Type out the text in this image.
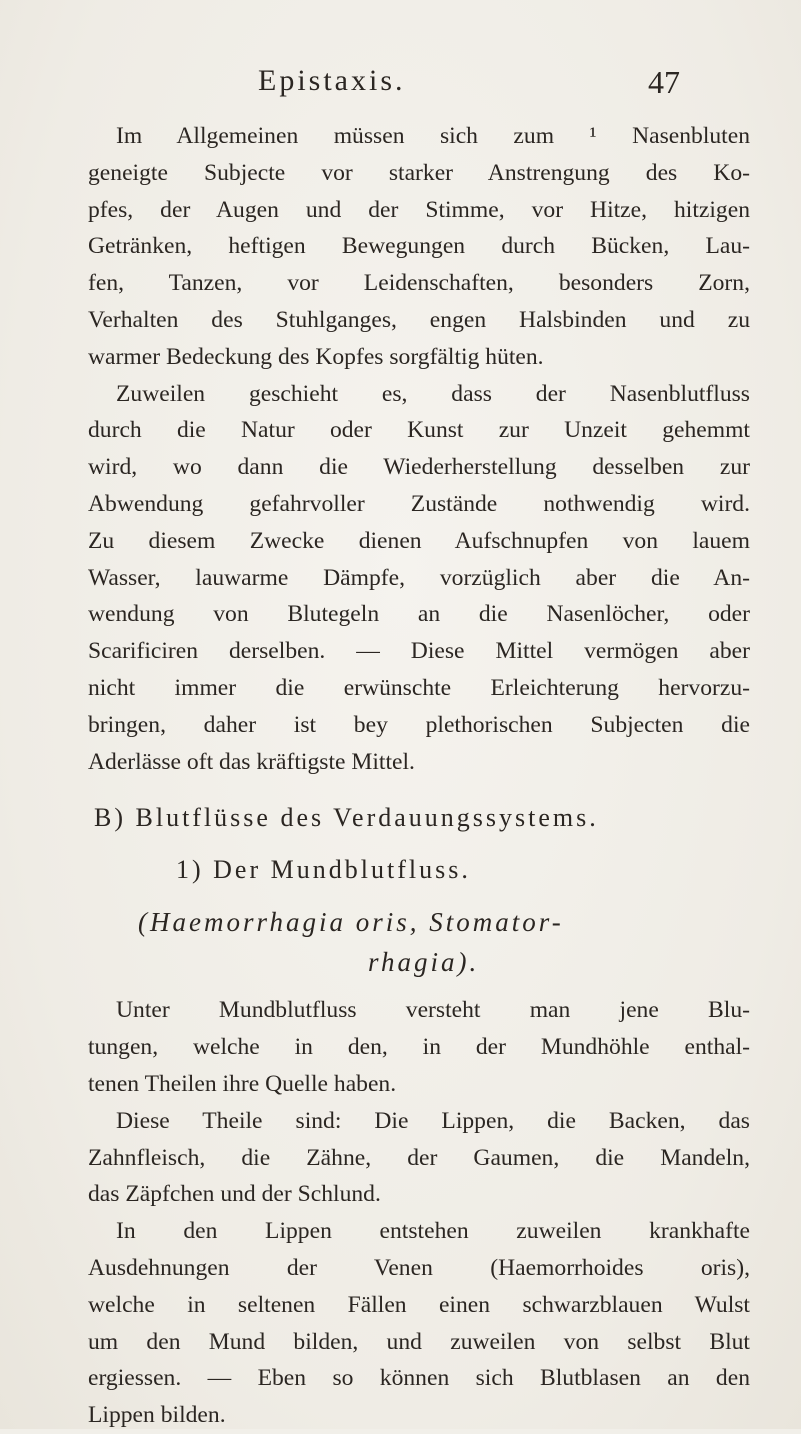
Epistaxis.	47
Im Allgemeinen müssen sich zum ¹ Nasenbluten
geneigte Subjecte vor starker Anstrengung des Ko-
pfes, der Augen und der Stimme, vor Hitze, hitzigen
Getränken, heftigen Bewegungen durch Bücken, Lau-
fen, Tanzen, vor Leidenschaften, besonders Zorn,
Verhalten des Stuhlganges, engen Halsbinden und zu
warmer Bedeckung des Kopfes sorgfältig hüten.
Zuweilen geschieht es, dass der Nasenblutfluss
durch die Natur oder Kunst zur Unzeit gehemmt
wird, wo dann die Wiederherstellung desselben zur
Abwendung gefahrvoller Zustände nothwendig wird.
Zu diesem Zwecke dienen Aufschnupfen von lauem
Wasser, lauwarme Dämpfe, vorzüglich aber die An-
wendung von Blutegeln an die Nasenlöcher, oder
Scarificiren derselben. — Diese Mittel vermögen aber
nicht immer die erwünschte Erleichterung hervorzu-
bringen, daher ist bey plethorischen Subjecten die
Aderlässe oft das kräftigste Mittel.
B) Blutflüsse des Verdauungssystems.
1) Der Mundblutfluss.
(Haemorrhagia oris, Stomator-
rhagia).
Unter Mundblutfluss versteht man jene Blu-
tungen, welche in den, in der Mundhöhle enthal-
tenen Theilen ihre Quelle haben.
Diese Theile sind: Die Lippen, die Backen, das
Zahnfleisch, die Zähne, der Gaumen, die Mandeln,
das Zäpfchen und der Schlund.
In den Lippen entstehen zuweilen krankhafte
Ausdehnungen der Venen (Haemorrhoides oris),
welche in seltenen Fällen einen schwarzblauen Wulst
um den Mund bilden, und zuweilen von selbst Blut
ergiessen. — Eben so können sich Blutblasen an den
Lippen bilden.
